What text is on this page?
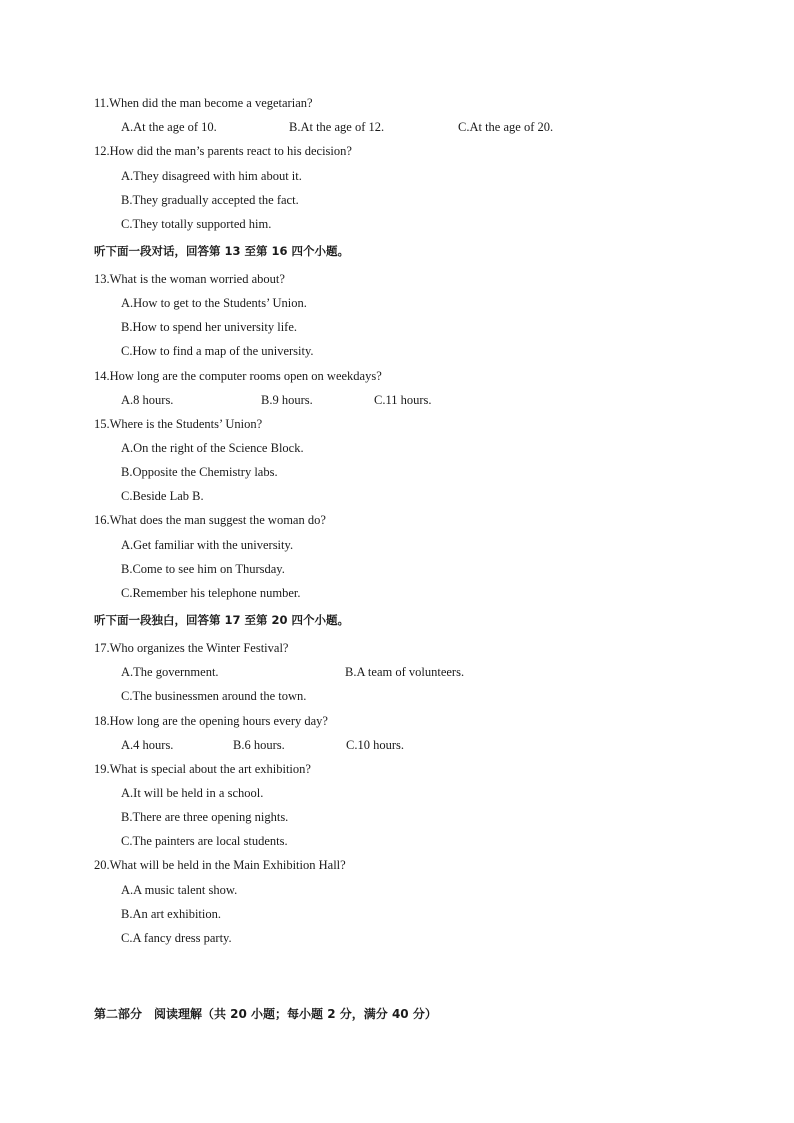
11.When did the man become a vegetarian?
A.At the age of 10.	B.At the age of 12.	C.At the age of 20.
12.How did the man’s parents react to his decision?
A.They disagreed with him about it.
B.They gradually accepted the fact.
C.They totally supported him.
听下面一段对话，回答第 13 至第 16 四个小题。
13.What is the woman worried about?
A.How to get to the Students’ Union.
B.How to spend her university life.
C.How to find a map of the university.
14.How long are the computer rooms open on weekdays?
A.8 hours.	B.9 hours.	C.11 hours.
15.Where is the Students’ Union?
A.On the right of the Science Block.
B.Opposite the Chemistry labs.
C.Beside Lab B.
16.What does the man suggest the woman do?
A.Get familiar with the university.
B.Come to see him on Thursday.
C.Remember his telephone number.
听下面一段独白，回答第 17 至第 20 四个小题。
17.Who organizes the Winter Festival?
A.The government.	B.A team of volunteers.
C.The businessmen around the town.
18.How long are the opening hours every day?
A.4 hours.	B.6 hours.	C.10 hours.
19.What is special about the art exhibition?
A.It will be held in a school.
B.There are three opening nights.
C.The painters are local students.
20.What will be held in the Main Exhibition Hall?
A.A music talent show.
B.An art exhibition.
C.A fancy dress party.
第二部分　阅读理解（共 20 小题；每小题 2 分，满分 40 分）
